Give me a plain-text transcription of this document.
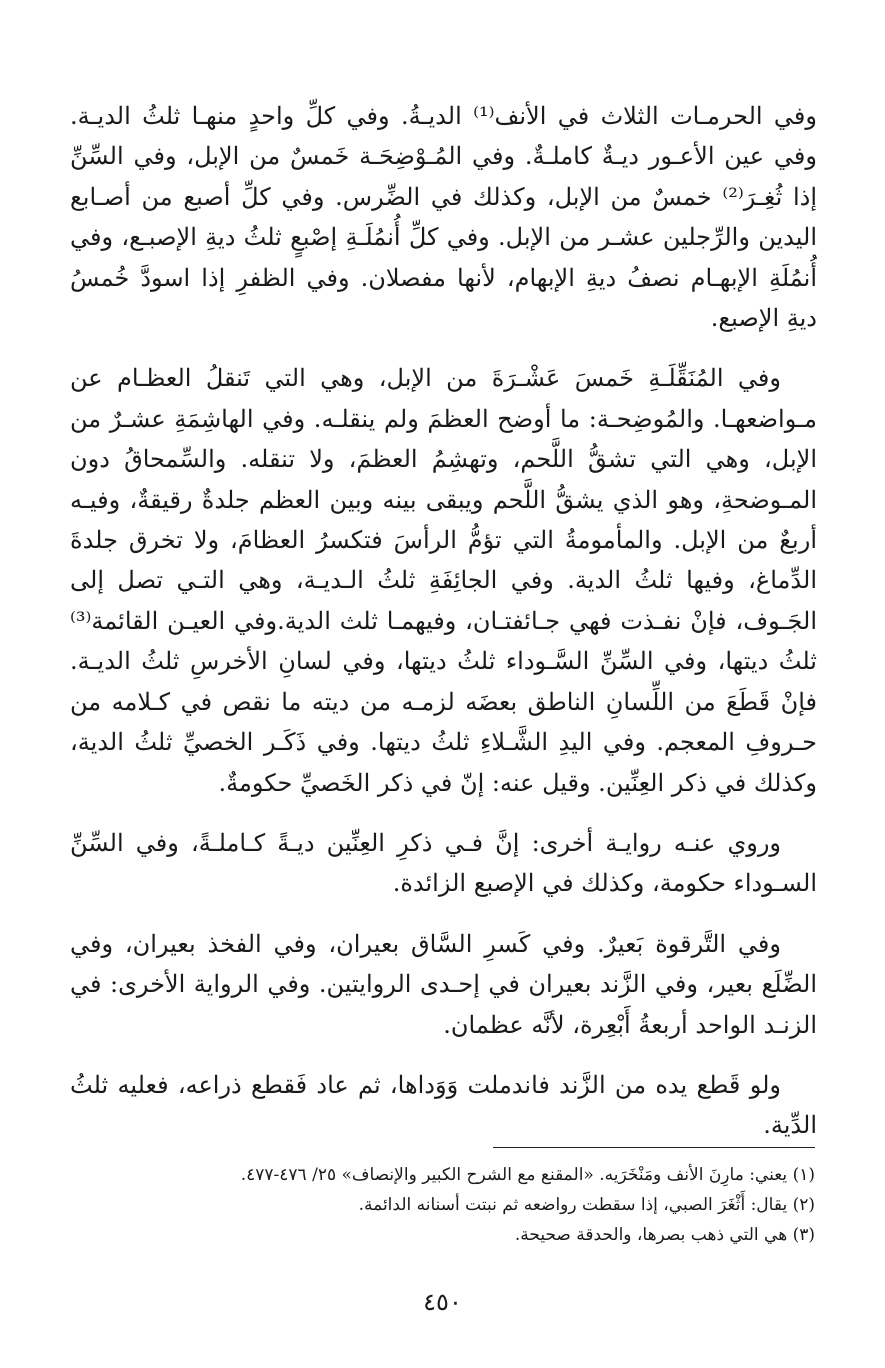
وفي الحرمـات الثلاث في الأنف⁽¹⁾ الديـةُ. وفي كلِّ واحدٍ منهـا ثلثُ الديـة. وفي عين الأعـور ديـةٌ كاملـةٌ. وفي المُـوْضِحَـة خَمسٌ من الإبل، وفي السِّنِّ إذا ثُغِـرَ⁽²⁾ خمسٌ من الإبل، وكذلك في الضِّرس. وفي كلِّ أصبع من أصـابع اليدين والرِّجلين عشـر من الإبل. وفي كلِّ أُنمُلَـةِ إصْبعٍ ثلثُ ديةِ الإصبـع، وفي أُنمُلَةِ الإبهـام نصفُ ديةِ الإبهام، لأنها مفصلان. وفي الظفرِ إذا اسودَّ خُمسُ ديةِ الإصبع.

وفي المُنَقِّلَـةِ خَمسَ عَشْـرَةَ من الإبل، وهي التي تَنقلُ العظـام عن مـواضعهـا. والمُوضِحـة: ما أوضح العظمَ ولم ينقلـه. وفي الهاشِمَةِ عشـرٌ من الإبل، وهي التي تشقُّ اللَّحم، وتهشِمُ العظمَ، ولا تنقله. والسِّمحاقُ دون المـوضحةِ، وهو الذي يشقُّ اللَّحم ويبقى بينه وبين العظم جلدةٌ رقيقةٌ، وفيـه أربعٌ من الإبل. والمأمومةُ التي تؤمُّ الرأسَ فتكسرُ العظامَ، ولا تخرق جلدةَ الدِّماغ، وفيها ثلثُ الدية. وفي الجائِفَةِ ثلثُ الـديـة، وهي التـي تصل إلى الجَـوف، فإنْ نفـذت فهي جـائفتـان، وفيهمـا ثلث الدية.وفي العيـن القائمة⁽³⁾ ثلثُ ديتها، وفي السِّنِّ السَّـوداء ثلثُ ديتها، وفي لسانِ الأخرسِ ثلثُ الديـة. فإنْ قَطَعَ من اللِّسانِ الناطق بعضَه لزمـه من ديته ما نقص في كـلامه من حـروفِ المعجم. وفي اليدِ الشَّـلاءِ ثلثُ ديتها. وفي ذَكَـر الخصيِّ ثلثُ الدية، وكذلك في ذكر العِنِّين. وقيل عنه: إنّ في ذكر الخَصيِّ حكومةٌ.

وروي عنـه روايـة أخرى: إنَّ فـي ذكرِ العِنِّين ديـةً كـاملـةً، وفي السِّنِّ السـوداء حكومة، وكذلك في الإصبع الزائدة.

وفي التَّرقوة بَعيرٌ. وفي كَسرِ السَّاق بعيران، وفي الفخذ بعيران، وفي الضِّلَع بعير، وفي الزَّند بعيران في إحـدى الروايتين. وفي الرواية الأخرى: في الزنـد الواحد أربعةُ أَبْعِرة، لأنَّه عظمان.

ولو قَطع يده من الزَّند فاندملت وَوَداها، ثم عاد فَقطع ذراعه، فعليه ثلثُ الدِّية.

(١) يعني: مارِنَ الأنف ومَنْخَرَيه. «المقنع مع الشرح الكبير والإنصاف» ٢٥/ ٤٧٦-٤٧٧.

(٢) يقال: أَثْغَرَ الصبي، إذا سقطت رواضعه ثم نبتت أسنانه الدائمة.

(٣) هي التي ذهب بصرها، والحدقة صحيحة.

٤٥٠
